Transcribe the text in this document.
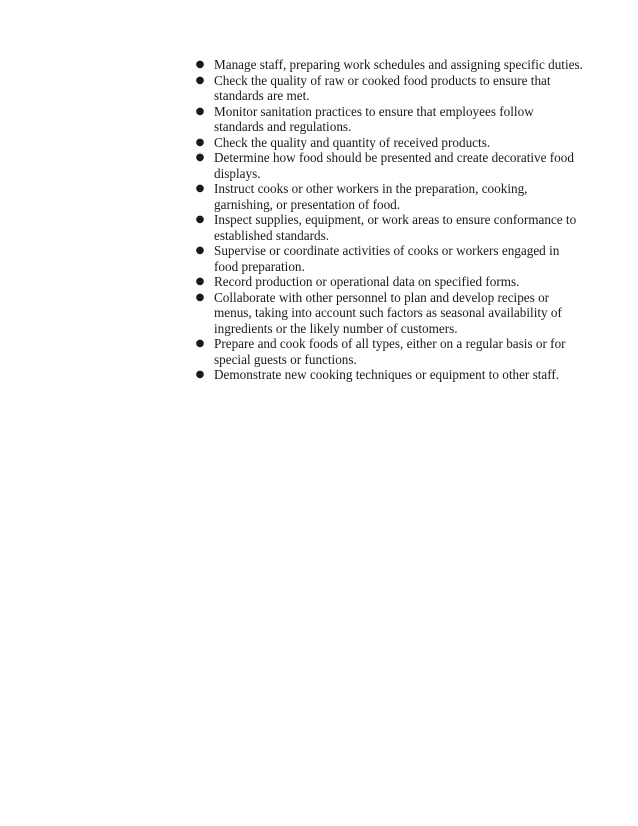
● Manage staff, preparing work schedules and assigning specific duties.
● Check the quality of raw or cooked food products to ensure that standards are met.
● Monitor sanitation practices to ensure that employees follow standards and regulations.
● Check the quality and quantity of received products.
● Determine how food should be presented and create decorative food displays.
● Instruct cooks or other workers in the preparation, cooking, garnishing, or presentation of food.
● Inspect supplies, equipment, or work areas to ensure conformance to established standards.
● Supervise or coordinate activities of cooks or workers engaged in food preparation.
● Record production or operational data on specified forms.
● Collaborate with other personnel to plan and develop recipes or menus, taking into account such factors as seasonal availability of ingredients or the likely number of customers.
● Prepare and cook foods of all types, either on a regular basis or for special guests or functions.
● Demonstrate new cooking techniques or equipment to other staff.
